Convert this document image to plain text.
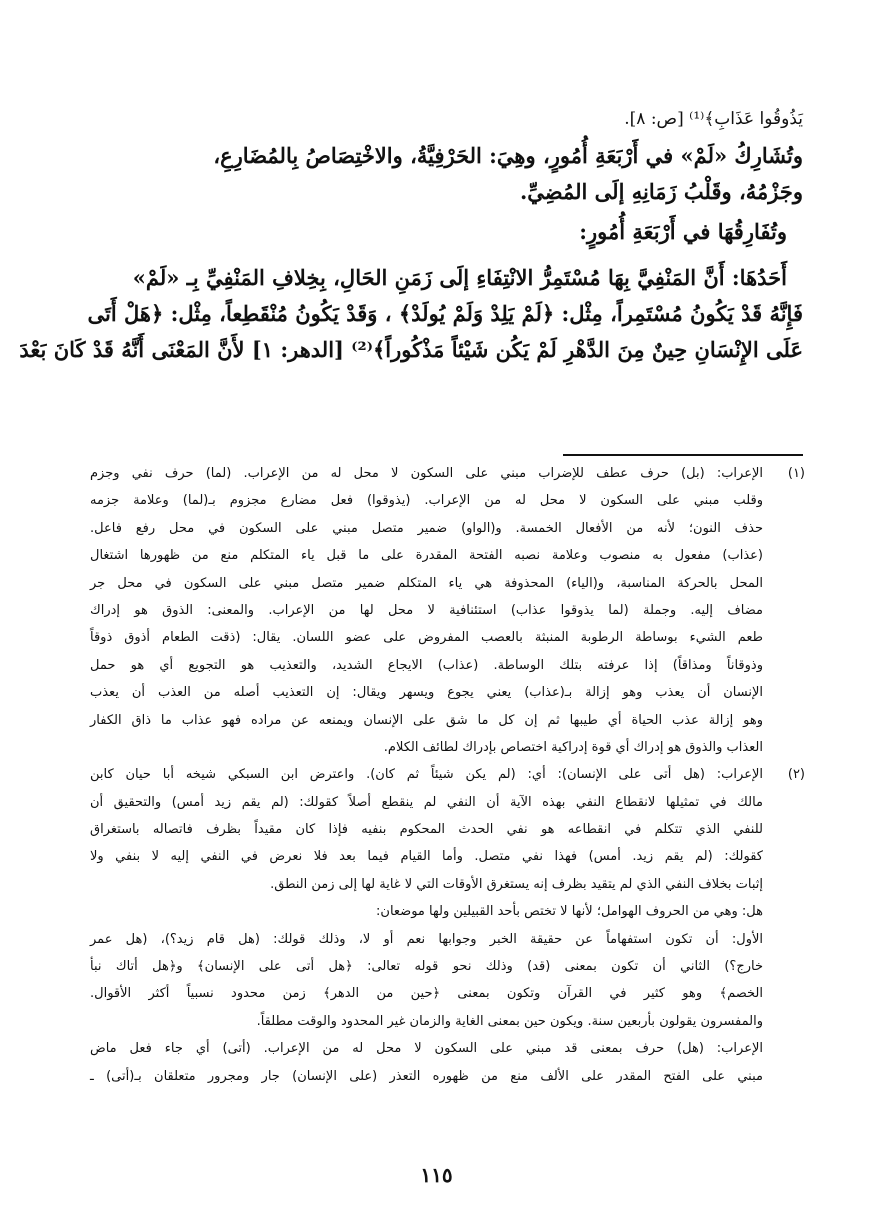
يَذُوقُوا عَذَابِ﴾⁽¹⁾ [ص: ٨].
وتُشَارِكُ «لَمْ» في أَرْبَعَةِ أُمُورٍ، وهِيَ: الحَرْفِيَّةُ، والاخْتِصَاصُ بِالمُضَارِعِ،
وجَزْمُهُ، وقَلْبُ زَمَانِهِ إلَى المُضِيِّ.
وتُفَارِقُهَا في أَرْبَعَةِ أُمُورٍ:
أَحَدُهَا: أَنَّ المَنْفِيَّ بِهَا مُسْتَمِرُّ الانْتِفَاءِ إلَى زَمَنِ الحَالِ، بِخِلافِ المَنْفِيِّ بِـ «لَمْ»
فَإِنَّهُ قَدْ يَكُونُ مُسْتَمِراً، مِثْل: ﴿لَمْ يَلِدْ وَلَمْ يُولَدْ﴾ ، وَقَدْ يَكُونُ مُنْقَطِعاً، مِثْل: ﴿هَلْ أَتَى
عَلَى الإِنْسَانِ حِينٌ مِنَ الدَّهْرِ لَمْ يَكُن شَيْئاً مَذْكُوراً﴾⁽²⁾ [الدهر: ١] لأَنَّ المَعْنَى أَنَّهُ قَدْ كَانَ بَعْدَ
(١)
الإعراب: (بل) حرف عطف للإضراب مبني على السكون لا محل له من الإعراب. (لما) حرف نفي وجزم
وقلب مبني على السكون لا محل له من الإعراب. (يذوقوا) فعل مضارع مجزوم بـ(لما) وعلامة جزمه
حذف النون؛ لأنه من الأفعال الخمسة. و(الواو) ضمير متصل مبني على السكون في محل رفع فاعل.
(عذاب) مفعول به منصوب وعلامة نصبه الفتحة المقدرة على ما قبل ياء المتكلم منع من ظهورها اشتغال
المحل بالحركة المناسبة، و(الياء) المحذوفة هي ياء المتكلم ضمير متصل مبني على السكون في محل جر
مضاف إليه. وجملة (لما يذوقوا عذاب) استئنافية لا محل لها من الإعراب. والمعنى: الذوق هو إدراك
طعم الشيء بوساطة الرطوبة المنبثة بالعصب المفروض على عضو اللسان. يقال: (ذقت الطعام أذوق ذوقاً
وذوقاناً ومذاقاً) إذا عرفته بتلك الوساطة. (عذاب) الايجاع الشديد، والتعذيب هو التجويع أي هو حمل
الإنسان أن يعذب وهو إزالة بـ(عذاب) يعني يجوع ويسهر ويقال: إن التعذيب أصله من العذب أن يعذب
وهو إزالة عذب الحياة أي طيبها ثم إن كل ما شق على الإنسان ويمنعه عن مراده فهو عذاب ما ذاق الكفار
العذاب والذوق هو إدراك أي قوة إدراكية اختصاص بإدراك لطائف الكلام.
(٢)
الإعراب: (هل أتى على الإنسان): أي: (لم يكن شيئاً ثم كان). واعترض ابن السبكي شيخه أبا حيان كابن
مالك في تمثيلها لانقطاع النفي بهذه الآية أن النفي لم ينقطع أصلاً كقولك: (لم يقم زيد أمس) والتحقيق أن
للنفي الذي تتكلم في انقطاعه هو نفي الحدث المحكوم بنفيه فإذا كان مقيداً بظرف فاتصاله باستغراق
كقولك: (لم يقم زيد. أمس) فهذا نفي متصل. وأما القيام فيما بعد فلا نعرض في النفي إليه لا بنفي ولا
إثبات بخلاف النفي الذي لم يتقيد بظرف إنه يستغرق الأوقات التي لا غاية لها إلى زمن النطق.
هل: وهي من الحروف الهوامل؛ لأنها لا تختص بأحد القبيلين ولها موضعان:
الأول: أن تكون استفهاماً عن حقيقة الخبر وجوابها نعم أو لا، وذلك قولك: (هل قام زيد؟)، (هل عمر
خارج؟) الثاني أن تكون بمعنى (قد) وذلك نحو قوله تعالى: ﴿هل أتى على الإنسان﴾ و﴿هل أتاك نبأ
الخصم﴾ وهو كثير في القرآن وتكون بمعنى ﴿حين من الدهر﴾ زمن محدود نسبياً أكثر الأقوال.
والمفسرون يقولون بأربعين سنة. ويكون حين بمعنى الغاية والزمان غير المحدود والوقت مطلقاً.
الإعراب: (هل) حرف بمعنى قد مبني على السكون لا محل له من الإعراب. (أتى) أي جاء فعل ماض
مبني على الفتح المقدر على الألف منع من ظهوره التعذر (على الإنسان) جار ومجرور متعلقان بـ(أتى) ـ
١١٥
